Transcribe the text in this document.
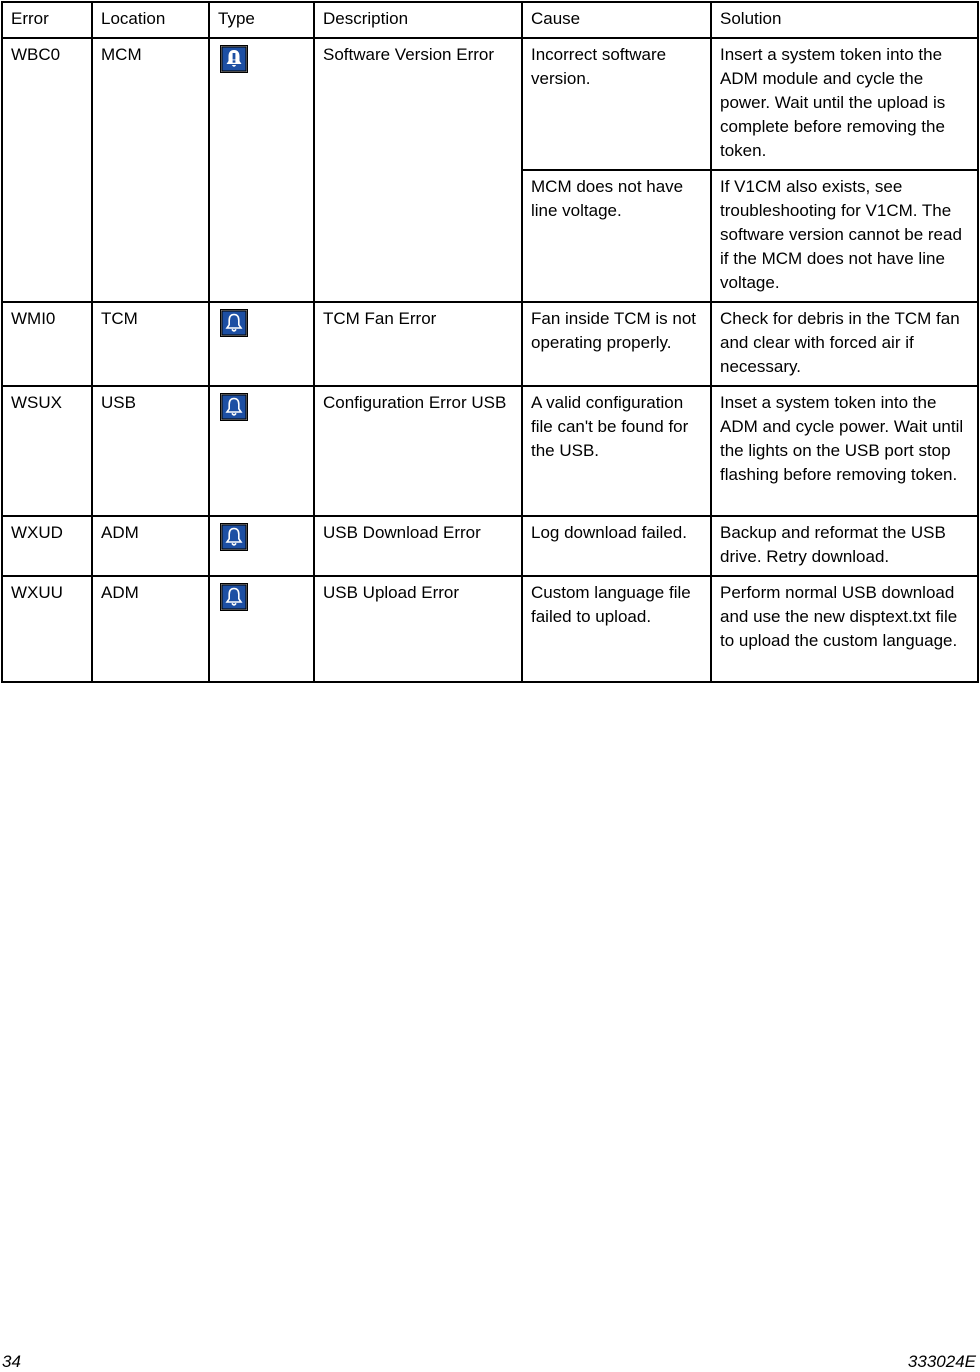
Error	Location	Type	Description	Cause	Solution
WBC0	MCM		Software Version Error	Incorrect software version.	Insert a system token into the ADM module and cycle the power. Wait until the upload is complete before removing the token.
				MCM does not have line voltage.	If V1CM also exists, see troubleshooting for V1CM. The software version cannot be read if the MCM does not have line voltage.
WMI0	TCM		TCM Fan Error	Fan inside TCM is not operating properly.	Check for debris in the TCM fan and clear with forced air if necessary.
WSUX	USB		Configuration Error USB	A valid configuration file can't be found for the USB.	Inset a system token into the ADM and cycle power. Wait until the lights on the USB port stop flashing before removing token.
WXUD	ADM		USB Download Error	Log download failed.	Backup and reformat the USB drive. Retry download.
WXUU	ADM		USB Upload Error	Custom language file failed to upload.	Perform normal USB download and use the new disptext.txt file to upload the custom language.
34	333024E
